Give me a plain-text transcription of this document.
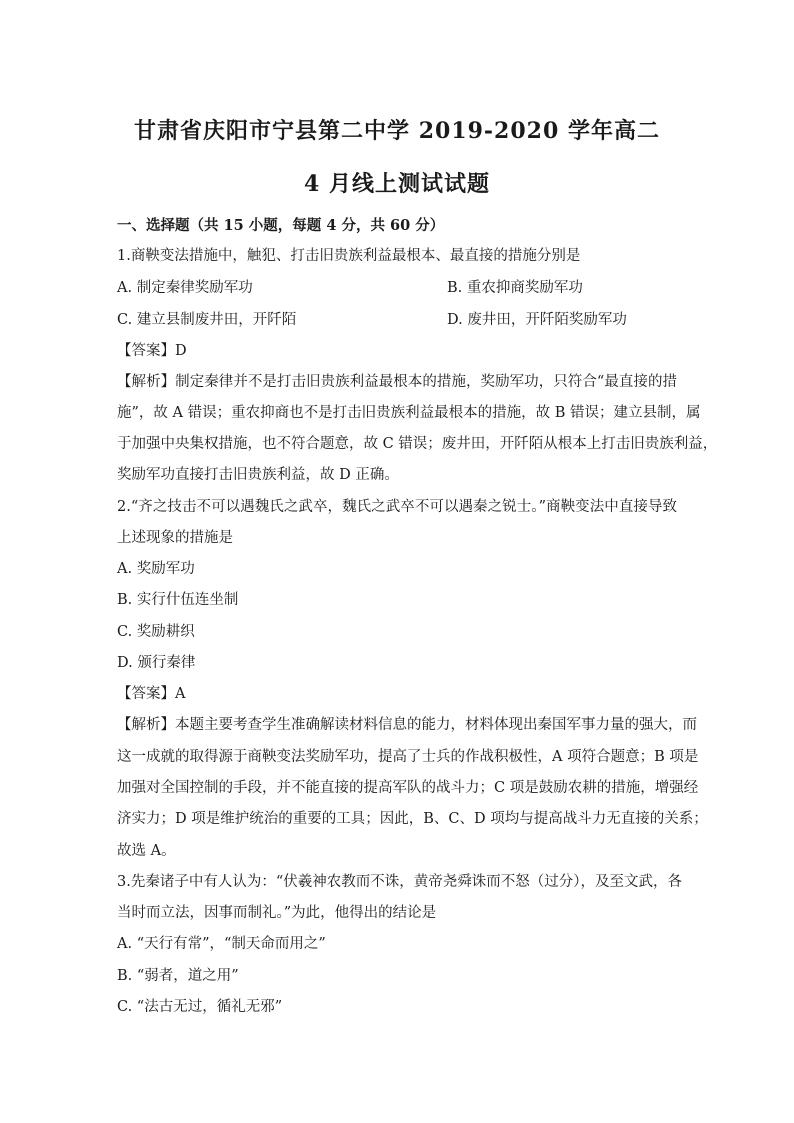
甘肃省庆阳市宁县第二中学 2019-2020 学年高二
4 月线上测试试题
一、选择题（共 15 小题，每题 4 分，共 60 分）
1.商鞅变法措施中，触犯、打击旧贵族利益最根本、最直接的措施分别是
A. 制定秦律奖励军功	B. 重农抑商奖励军功
C. 建立县制废井田，开阡陌	D. 废井田，开阡陌奖励军功
【答案】D
【解析】制定秦律并不是打击旧贵族利益最根本的措施，奖励军功，只符合“最直接的措
施”，故 A 错误；重农抑商也不是打击旧贵族利益最根本的措施，故 B 错误；建立县制，属
于加强中央集权措施，也不符合题意，故 C 错误；废井田，开阡陌从根本上打击旧贵族利益，
奖励军功直接打击旧贵族利益，故 D 正确。
2.“齐之技击不可以遇魏氏之武卒，魏氏之武卒不可以遇秦之锐士。”商鞅变法中直接导致
上述现象的措施是
A. 奖励军功
B. 实行什伍连坐制
C. 奖励耕织
D. 颁行秦律
【答案】A
【解析】本题主要考查学生准确解读材料信息的能力，材料体现出秦国军事力量的强大，而
这一成就的取得源于商鞅变法奖励军功，提高了士兵的作战积极性，A 项符合题意；B 项是
加强对全国控制的手段，并不能直接的提高军队的战斗力；C 项是鼓励农耕的措施，增强经
济实力；D 项是维护统治的重要的工具；因此，B、C、D 项均与提高战斗力无直接的关系；
故选 A。
3.先秦诸子中有人认为：“伏羲神农教而不诛，黄帝尧舜诛而不怒（过分），及至文武，各
当时而立法，因事而制礼。”为此，他得出的结论是
A. “天行有常”，“制天命而用之”
B. “弱者，道之用”
C. “法古无过，循礼无邪”
